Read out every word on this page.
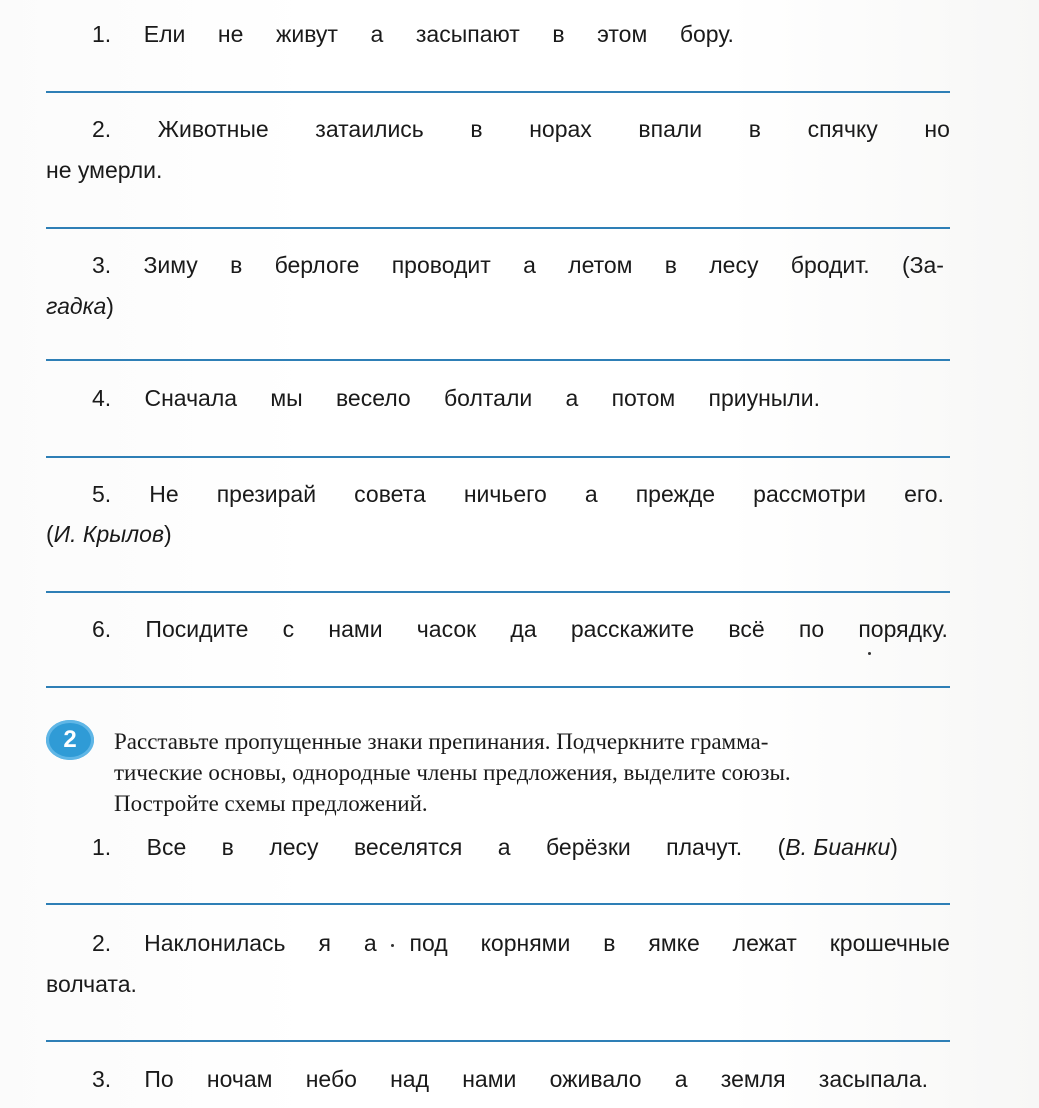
1. Ели не живут а засыпают в этом бору.
2. Животные затаились в норах впали в спячку но
не умерли.
3. Зиму в берлоге проводит а летом в лесу бродит. (За-
гадка)
4. Сначала мы весело болтали а потом приуныли.
5. Не презирай совета ничьего а прежде рассмотри его.
(И. Крылов)
6. Посидите с нами часок да расскажите всё по порядку.
2	Расставьте пропущенные знаки препинания. Подчеркните грамма-
тические основы, однородные члены предложения, выделите союзы.
Постройте схемы предложений.
1. Все в лесу веселятся а берёзки плачут. (В. Бианки)
2. Наклонилась я а под корнями в ямке лежат крошечные
волчата.
3. По ночам небо над нами оживало а земля засыпала.
